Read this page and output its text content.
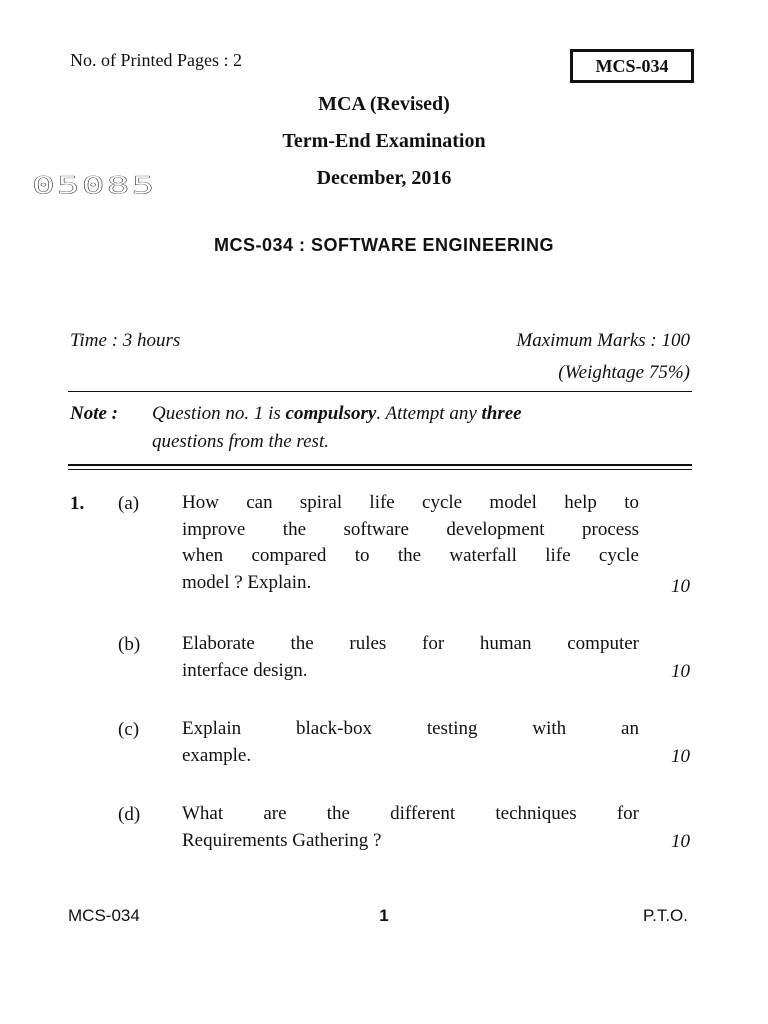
No. of Printed Pages : 2	MCS-034
MCA (Revised)
Term-End Examination
December, 2016
05085
MCS-034 : SOFTWARE ENGINEERING
Time : 3 hours	Maximum Marks : 100
(Weightage 75%)
Note : Question no. 1 is compulsory. Attempt any three
questions from the rest.
1. (a) How can spiral life cycle model help to
improve the software development process
when compared to the waterfall life cycle
model ? Explain.	10
(b) Elaborate the rules for human computer
interface design.	10
(c) Explain black-box testing with an
example.	10
(d) What are the different techniques for
Requirements Gathering ?	10
MCS-034	1	P.T.O.
